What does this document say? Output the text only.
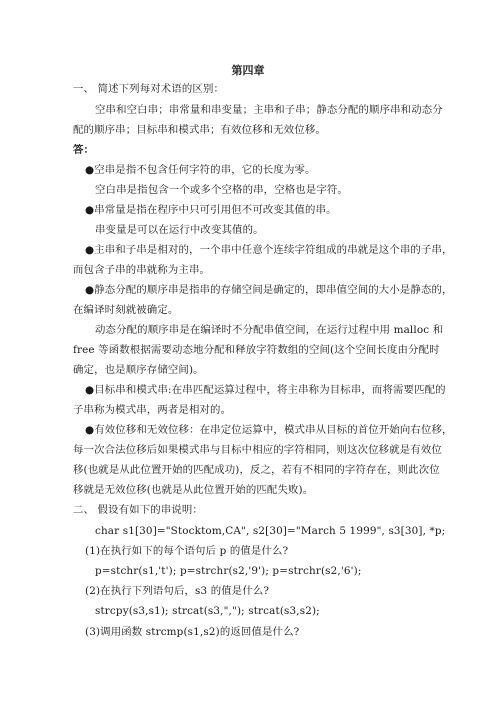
第四章
一、 简述下列每对术语的区别：
空串和空白串；串常量和串变量；主串和子串；静态分配的顺序串和动态分
配的顺序串；目标串和模式串；有效位移和无效位移。
答：
●空串是指不包含任何字符的串，它的长度为零。
空白串是指包含一个或多个空格的串，空格也是字符。
●串常量是指在程序中只可引用但不可改变其值的串。
串变量是可以在运行中改变其值的。
●主串和子串是相对的，一个串中任意个连续字符组成的串就是这个串的子串，
而包含子串的串就称为主串。
●静态分配的顺序串是指串的存储空间是确定的，即串值空间的大小是静态的，
在编译时刻就被确定。
动态分配的顺序串是在编译时不分配串值空间，在运行过程中用 malloc 和
free 等函数根据需要动态地分配和释放字符数组的空间(这个空间长度由分配时
确定，也是顺序存储空间)。
●目标串和模式串:在串匹配运算过程中，将主串称为目标串，而将需要匹配的
子串称为模式串，两者是相对的。
●有效位移和无效位移：在串定位运算中，模式串从目标的首位开始向右位移，
每一次合法位移后如果模式串与目标中相应的字符相同，则这次位移就是有效位
移(也就是从此位置开始的匹配成功)，反之，若有不相同的字符存在，则此次位
移就是无效位移(也就是从此位置开始的匹配失败)。
二、 假设有如下的串说明：
char s1[30]="Stocktom,CA", s2[30]="March 5 1999", s3[30], *p;
(1)在执行如下的每个语句后 p 的值是什么?
p=stchr(s1,'t'); p=strchr(s2,'9'); p=strchr(s2,'6');
(2)在执行下列语句后，s3 的值是什么?
strcpy(s3,s1); strcat(s3,","); strcat(s3,s2);
(3)调用函数 strcmp(s1,s2)的返回值是什么?
